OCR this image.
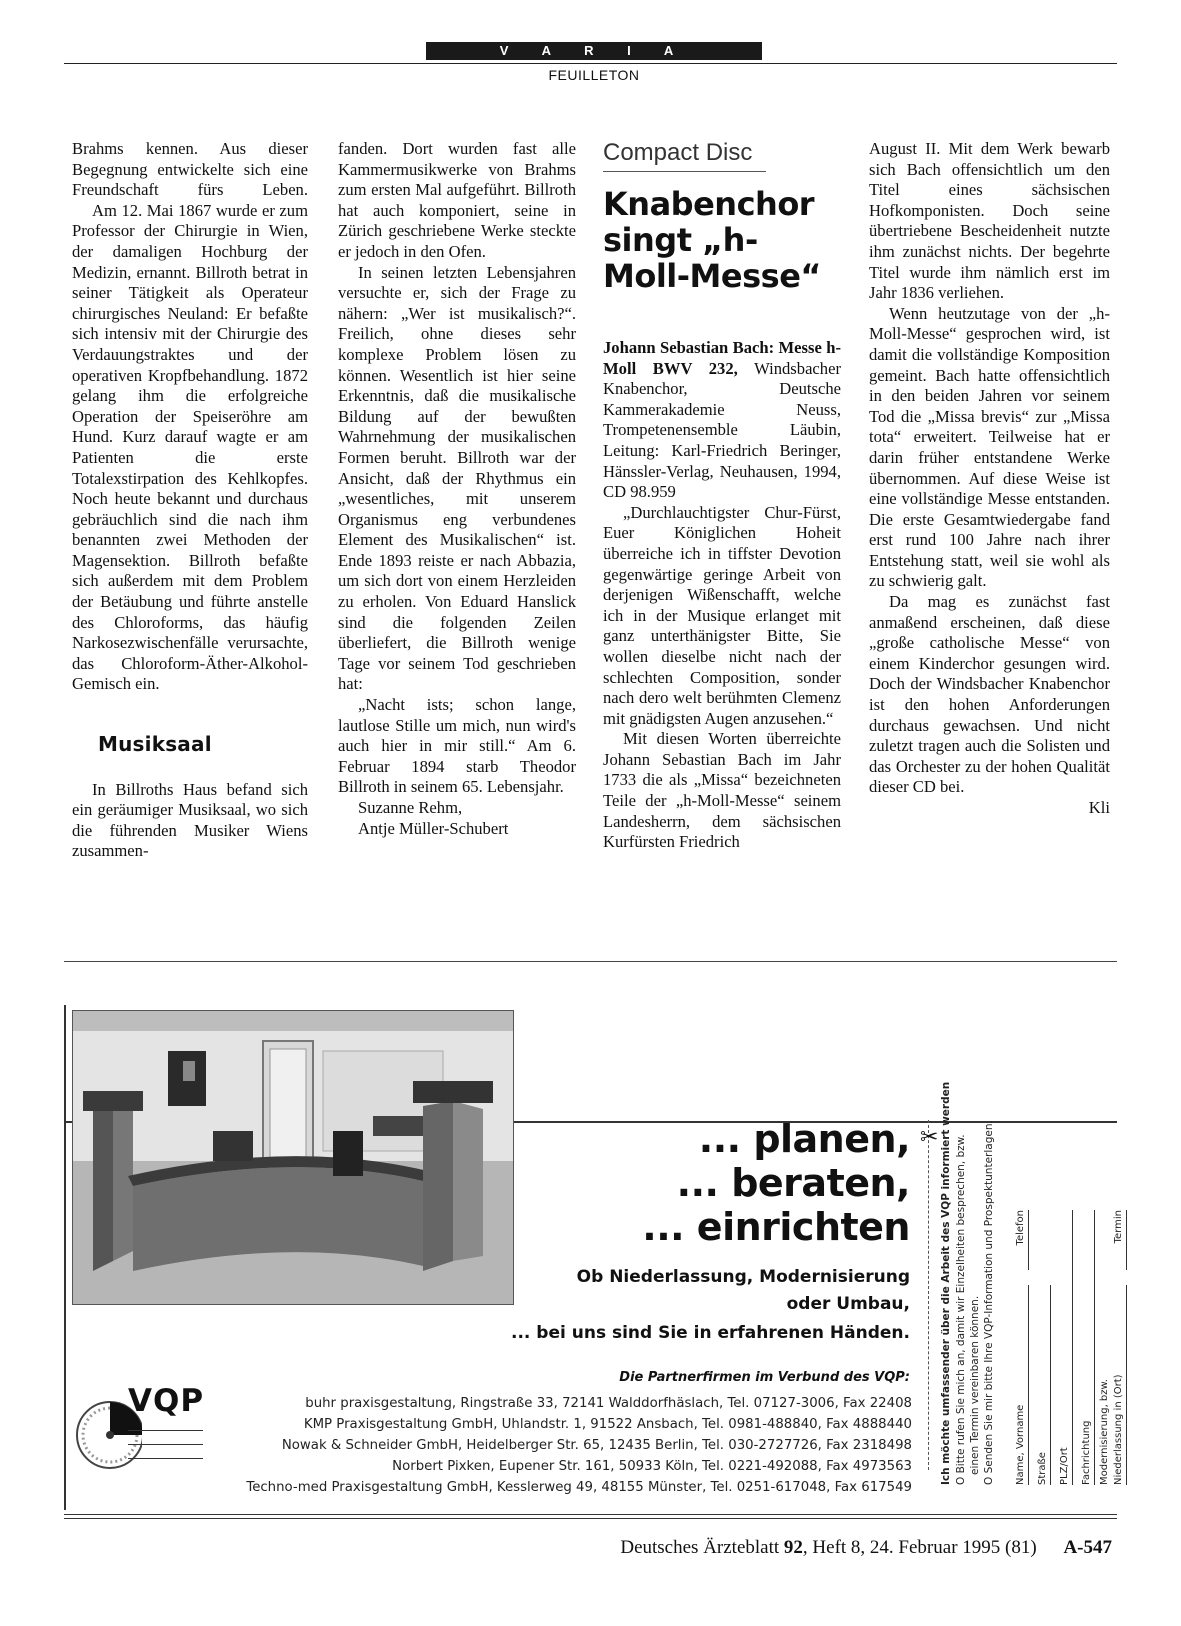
V A R I A
FEUILLETON

Brahms kennen. Aus dieser Begegnung entwickelte sich eine Freundschaft fürs Leben.

Am 12. Mai 1867 wurde er zum Professor der Chirurgie in Wien, der damaligen Hochburg der Medizin, ernannt. Billroth betrat in seiner Tätigkeit als Operateur chirurgisches Neuland: Er befaßte sich intensiv mit der Chirurgie des Verdauungstraktes und der operativen Kropfbehandlung. 1872 gelang ihm die erfolgreiche Operation der Speiseröhre am Hund. Kurz darauf wagte er am Patienten die erste Totalexstirpation des Kehlkopfes. Noch heute bekannt und durchaus gebräuchlich sind die nach ihm benannten zwei Methoden der Magensektion. Billroth befaßte sich außerdem mit dem Problem der Betäubung und führte anstelle des Chloroforms, das häufig Narkosezwischenfälle verursachte, das Chloroform-Äther-Alkohol-Gemisch ein.

Musiksaal

In Billroths Haus befand sich ein geräumiger Musiksaal, wo sich die führenden Musiker Wiens zusammen-

fanden. Dort wurden fast alle Kammermusikwerke von Brahms zum ersten Mal aufgeführt. Billroth hat auch komponiert, seine in Zürich geschriebene Werke steckte er jedoch in den Ofen.

In seinen letzten Lebensjahren versuchte er, sich der Frage zu nähern: „Wer ist musikalisch?“. Freilich, ohne dieses sehr komplexe Problem lösen zu können. Wesentlich ist hier seine Erkenntnis, daß die musikalische Bildung auf der bewußten Wahrnehmung der musikalischen Formen beruht. Billroth war der Ansicht, daß der Rhythmus ein „wesentliches, mit unserem Organismus eng verbundenes Element des Musikalischen“ ist. Ende 1893 reiste er nach Abbazia, um sich dort von einem Herzleiden zu erholen. Von Eduard Hanslick sind die folgenden Zeilen überliefert, die Billroth wenige Tage vor seinem Tod geschrieben hat:

„Nacht ists; schon lange, lautlose Stille um mich, nun wird's auch hier in mir still.“ Am 6. Februar 1894 starb Theodor Billroth in seinem 65. Lebensjahr.

Suzanne Rehm,

Antje Müller-Schubert

Compact Disc
Knabenchor singt „h-Moll-Messe“

Johann Sebastian Bach: Messe h-Moll BWV 232, Windsbacher Knabenchor, Deutsche Kammerakademie Neuss, Trompetenensemble Läubin, Leitung: Karl-Friedrich Beringer, Hänssler-Verlag, Neuhausen, 1994, CD 98.959

„Durchlauchtigster Chur-Fürst, Euer Königlichen Hoheit überreiche ich in tiffster Devotion gegenwärtige geringe Arbeit von derjenigen Wißenschafft, welche ich in der Musique erlanget mit ganz unterthänigster Bitte, Sie wollen dieselbe nicht nach der schlechten Composition, sonder nach dero welt berühmten Clemenz mit gnädigsten Augen anzusehen.“

Mit diesen Worten überreichte Johann Sebastian Bach im Jahr 1733 die als „Missa“ bezeichneten Teile der „h-Moll-Messe“ seinem Landesherrn, dem sächsischen Kurfürsten Friedrich

August II. Mit dem Werk bewarb sich Bach offensichtlich um den Titel eines sächsischen Hofkomponisten. Doch seine übertriebene Bescheidenheit nutzte ihm zunächst nichts. Der begehrte Titel wurde ihm nämlich erst im Jahr 1836 verliehen.

Wenn heutzutage von der „h-Moll-Messe“ gesprochen wird, ist damit die vollständige Komposition gemeint. Bach hatte offensichtlich in den beiden Jahren vor seinem Tod die „Missa brevis“ zur „Missa tota“ erweitert. Teilweise hat er darin früher entstandene Werke übernommen. Auf diese Weise ist eine vollständige Messe entstanden. Die erste Gesamtwiedergabe fand erst rund 100 Jahre nach ihrer Entstehung statt, weil sie wohl als zu schwierig galt.

Da mag es zunächst fast anmaßend erscheinen, daß diese „große catholische Messe“ von einem Kinderchor gesungen wird. Doch der Windsbacher Knabenchor ist den hohen Anforderungen durchaus gewachsen. Und nicht zuletzt tragen auch die Solisten und das Orchester zu der hohen Qualität dieser CD bei.

Kli

... planen,
... beraten,
... einrichten
Ob Niederlassung, Modernisierung
oder Umbau,
... bei uns sind Sie in erfahrenen Händen.
Die Partnerfirmen im Verbund des VQP:
buhr praxisgestaltung, Ringstraße 33, 72141 Walddorfhäslach, Tel. 07127-3006, Fax 22408
KMP Praxisgestaltung GmbH, Uhlandstr. 1, 91522 Ansbach, Tel. 0981-488840, Fax 4888440
Nowak & Schneider GmbH, Heidelberger Str. 65, 12435 Berlin, Tel. 030-2727726, Fax 2318498
Norbert Pixken, Eupener Str. 161, 50933 Köln, Tel. 0221-492088, Fax 4973563
Techno-med Praxisgestaltung GmbH, Kesslerweg 49, 48155 Münster, Tel. 0251-617048, Fax 617549
VQP
✂ Ich möchte umfassender über die Arbeit des VQP informiert werden O Bitte rufen Sie mich an, damit wir Einzelheiten besprechen, bzw. einen Termin vereinbaren können. O Senden Sie mir bitte Ihre VQP-Information und Prospektunterlagen. Name, Vorname
Telefon
Straße	PLZ/Ort	Fachrichtung Modernisierung, bzw. Niederlassung in (Ort)
Termin
Deutsches Ärzteblatt 92, Heft 8, 24. Februar 1995 (81) A-547
